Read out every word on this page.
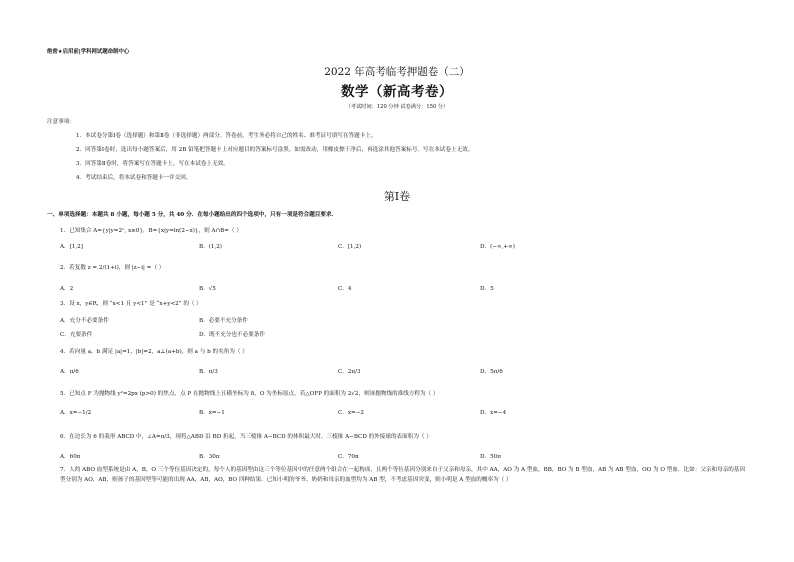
绝密★启用前|学科网试题命制中心
2022 年高考临考押题卷（二）
数学（新高考卷）
（考试时间：120 分钟 试卷满分：150 分）
注意事项：
1．本试卷分第Ⅰ卷（选择题）和第Ⅱ卷（非选择题）两部分。答卷前，考生务必将自己的姓名、准考证号填写在答题卡上。
2．回答第Ⅰ卷时，选出每小题答案后，用 2B 铅笔把答题卡上对应题目的答案标号涂黑。如需改动，用橡皮擦干净后，再选涂其他答案标号。写在本试卷上无效。
3．回答第Ⅱ卷时，将答案写在答题卡上。写在本试卷上无效。
4．考试结束后，将本试卷和答题卡一并交回。
第Ⅰ卷
一、单项选择题：本题共 8 小题，每小题 5 分，共 40 分．在每小题给出的四个选项中，只有一项是符合题目要求．
1．已知集合 A={y|y=2ˣ, x≥0}，B={x|y=ln(2−x)}，则 A∩B=（ ）
A．[1,2]	B．(1,2)	C．[1,2)	D．(−∞,+∞)
2．若复数 z = 2/(1+i)，则 |z−i| =（ ）
A．2	B．√5	C．4	D．5
3．设 x，y∈R，则 “x<1 且 y<1” 是 “x+y<2” 的（ ）
A．充分不必要条件	B．必要不充分条件
C．充要条件	D．既不充分也不必要条件
4．若向量 a，b 满足 |a|=1，|b|=2，a⊥(a+b)，则 a 与 b 的夹角为（ ）
A．π/6	B．π/3	C．2π/3	D．5π/6
5．已知点 F 为抛物线 y²=2px (p>0) 的焦点，点 P 在抛物线上且横坐标为 8，O 为坐标原点，若△OFP 的面积为 2√2，则该抛物线的准线方程为（ ）
A．x=−1/2	B．x=−1	C．x=−2	D．x=−4
6．在边长为 6 的菱形 ABCD 中，∠A=π/3，现将△ABD 沿 BD 折起，当三棱锥 A−BCD 的体积最大时，三棱锥 A−BCD 的外接球的表面积为（ ）
A．60π	B．30π	C．70π	D．50π
7．人的 ABO 血型系统是由 A，B，O 三个等位基因决定的，每个人的基因型由这三个等位基因中的任意两个组合在一起构成，且两个等位基因分别来自于父亲和母亲，其中 AA，AO 为 A 型血，BB，BO 为 B 型血，AB 为 AB 型血，OO 为 O 型血．比如：父亲和母亲的基因型分别为 AO，AB，则孩子的基因型等可能的出现 AA，AB，AO，BO 四种结果．已知小明的爷爷、奶奶和母亲的血型均为 AB 型，不考虑基因突变，则小明是 A 型血的概率为（ ）
